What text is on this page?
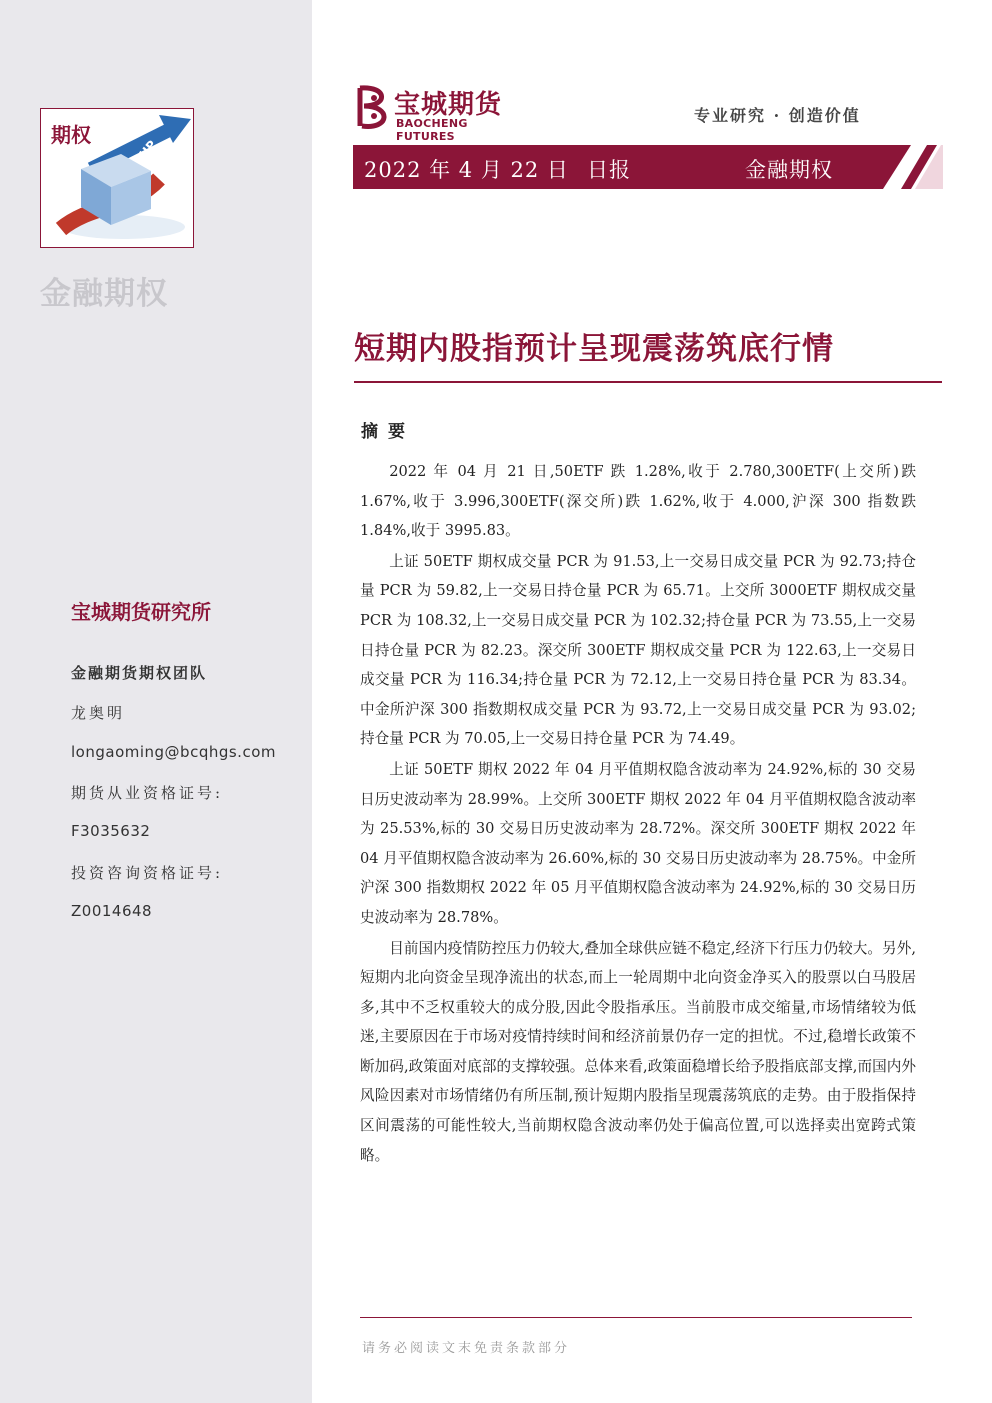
UP
期权
金融期权
宝城期货研究所
金融期货期权团队
龙奥明
longaoming@bcqhgs.com
期货从业资格证号:
F3035632
投资咨询资格证号:
Z0014648
宝城期货
BAOCHENG FUTURES
专业研究 · 创造价值
2022 年 4 月 22 日 日报	金融期权
短期内股指预计呈现震荡筑底行情
摘要

2022 年 04 月 21 日,50ETF 跌 1.28%,收于 2.780,300ETF(上交所)跌 1.67%,收于 3.996,300ETF(深交所)跌 1.62%,收于 4.000,沪深 300 指数跌 1.84%,收于 3995.83。

上证 50ETF 期权成交量 PCR 为 91.53,上一交易日成交量 PCR 为 92.73;持仓量 PCR 为 59.82,上一交易日持仓量 PCR 为 65.71。上交所 3000ETF 期权成交量 PCR 为 108.32,上一交易日成交量 PCR 为 102.32;持仓量 PCR 为 73.55,上一交易日持仓量 PCR 为 82.23。深交所 300ETF 期权成交量 PCR 为 122.63,上一交易日成交量 PCR 为 116.34;持仓量 PCR 为 72.12,上一交易日持仓量 PCR 为 83.34。中金所沪深 300 指数期权成交量 PCR 为 93.72,上一交易日成交量 PCR 为 93.02;持仓量 PCR 为 70.05,上一交易日持仓量 PCR 为 74.49。

上证 50ETF 期权 2022 年 04 月平值期权隐含波动率为 24.92%,标的 30 交易日历史波动率为 28.99%。上交所 300ETF 期权 2022 年 04 月平值期权隐含波动率为 25.53%,标的 30 交易日历史波动率为 28.72%。深交所 300ETF 期权 2022 年 04 月平值期权隐含波动率为 26.60%,标的 30 交易日历史波动率为 28.75%。中金所沪深 300 指数期权 2022 年 05 月平值期权隐含波动率为 24.92%,标的 30 交易日历史波动率为 28.78%。

目前国内疫情防控压力仍较大,叠加全球供应链不稳定,经济下行压力仍较大。另外,短期内北向资金呈现净流出的状态,而上一轮周期中北向资金净买入的股票以白马股居多,其中不乏权重较大的成分股,因此令股指承压。当前股市成交缩量,市场情绪较为低迷,主要原因在于市场对疫情持续时间和经济前景仍存一定的担忧。不过,稳增长政策不断加码,政策面对底部的支撑较强。总体来看,政策面稳增长给予股指底部支撑,而国内外风险因素对市场情绪仍有所压制,预计短期内股指呈现震荡筑底的走势。由于股指保持区间震荡的可能性较大,当前期权隐含波动率仍处于偏高位置,可以选择卖出宽跨式策略。

请务必阅读文末免责条款部分
